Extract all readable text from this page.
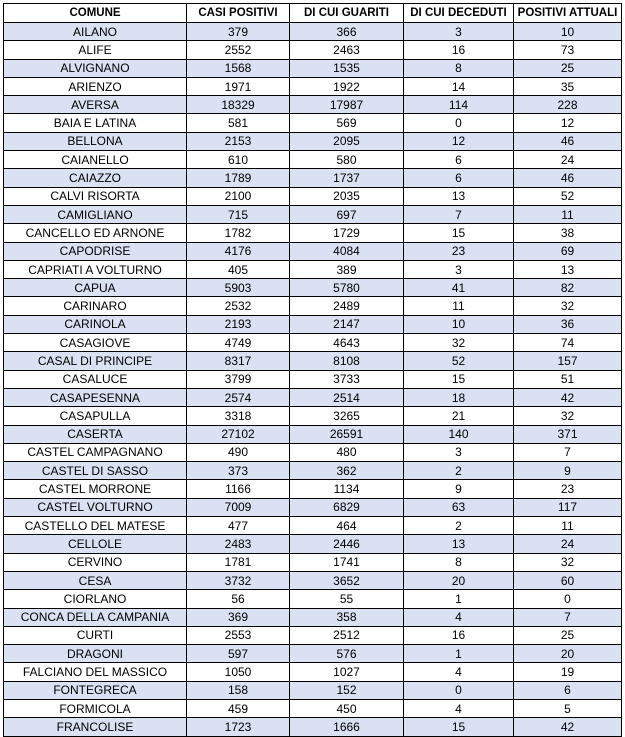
COMUNE	CASI POSITIVI	DI CUI GUARITI	DI CUI DECEDUTI	POSITIVI ATTUALI
AILANO	379	366	3	10
ALIFE	2552	2463	16	73
ALVIGNANO	1568	1535	8	25
ARIENZO	1971	1922	14	35
AVERSA	18329	17987	114	228
BAIA E LATINA	581	569	0	12
BELLONA	2153	2095	12	46
CAIANELLO	610	580	6	24
CAIAZZO	1789	1737	6	46
CALVI RISORTA	2100	2035	13	52
CAMIGLIANO	715	697	7	11
CANCELLO ED ARNONE	1782	1729	15	38
CAPODRISE	4176	4084	23	69
CAPRIATI A VOLTURNO	405	389	3	13
CAPUA	5903	5780	41	82
CARINARO	2532	2489	11	32
CARINOLA	2193	2147	10	36
CASAGIOVE	4749	4643	32	74
CASAL DI PRINCIPE	8317	8108	52	157
CASALUCE	3799	3733	15	51
CASAPESENNA	2574	2514	18	42
CASAPULLA	3318	3265	21	32
CASERTA	27102	26591	140	371
CASTEL CAMPAGNANO	490	480	3	7
CASTEL DI SASSO	373	362	2	9
CASTEL MORRONE	1166	1134	9	23
CASTEL VOLTURNO	7009	6829	63	117
CASTELLO DEL MATESE	477	464	2	11
CELLOLE	2483	2446	13	24
CERVINO	1781	1741	8	32
CESA	3732	3652	20	60
CIORLANO	56	55	1	0
CONCA DELLA CAMPANIA	369	358	4	7
CURTI	2553	2512	16	25
DRAGONI	597	576	1	20
FALCIANO DEL MASSICO	1050	1027	4	19
FONTEGRECA	158	152	0	6
FORMICOLA	459	450	4	5
FRANCOLISE	1723	1666	15	42
